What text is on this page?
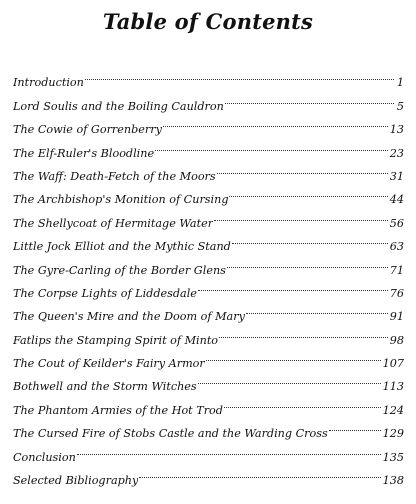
Table of Contents
Introduction	1
Lord Soulis and the Boiling Cauldron	5
The Cowie of Gorrenberry	13
The Elf-Ruler's Bloodline	23
The Waff: Death-Fetch of the Moors	31
The Archbishop's Monition of Cursing	44
The Shellycoat of Hermitage Water	56
Little Jock Elliot and the Mythic Stand	63
The Gyre-Carling of the Border Glens	71
The Corpse Lights of Liddesdale	76
The Queen's Mire and the Doom of Mary	91
Fatlips the Stamping Spirit of Minto	98
The Cout of Keilder's Fairy Armor	107
Bothwell and the Storm Witches	113
The Phantom Armies of the Hot Trod	124
The Cursed Fire of Stobs Castle and the Warding Cross	129
Conclusion	135
Selected Bibliography	138
